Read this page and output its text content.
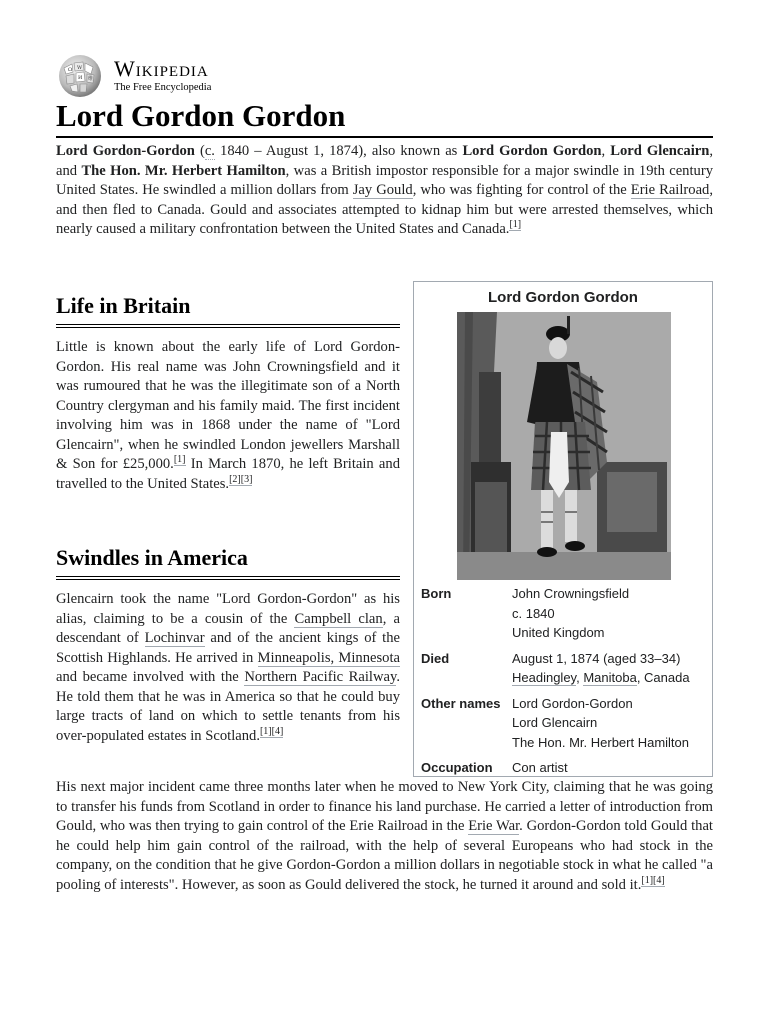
Ω W
И 维 Wikipedia
The Free Encyclopedia
Lord Gordon Gordon

Lord Gordon-Gordon (c. 1840 – August 1, 1874), also known as Lord Gordon Gordon, Lord Glencairn, and The Hon. Mr. Herbert Hamilton, was a British impostor responsible for a major swindle in 19th century United States. He swindled a million dollars from Jay Gould, who was fighting for control of the Erie Railroad, and then fled to Canada. Gould and associates attempted to kidnap him but were arrested themselves, which nearly caused a military confrontation between the United States and Canada.[1]

Life in Britain

Little is known about the early life of Lord Gordon-Gordon. His real name was John Crowningsfield and it was rumoured that he was the illegitimate son of a North Country clergyman and his family maid. The first incident involving him was in 1868 under the name of "Lord Glencairn", when he swindled London jewellers Marshall & Son for £25,000.[1] In March 1870, he left Britain and travelled to the United States.[2][3]

Swindles in America

Glencairn took the name "Lord Gordon-Gordon" as his alias, claiming to be a cousin of the Campbell clan, a descendant of Lochinvar and of the ancient kings of the Scottish Highlands. He arrived in Minneapolis, Minnesota and became involved with the Northern Pacific Railway. He told them that he was in America so that he could buy large tracts of land on which to settle tenants from his over-populated estates in Scotland.[1][4]

His next major incident came three months later when he moved to New York City, claiming that he was going to transfer his funds from Scotland in order to finance his land purchase. He carried a letter of introduction from Gould, who was then trying to gain control of the Erie Railroad in the Erie War. Gordon-Gordon told Gould that he could help him gain control of the railroad, with the help of several Europeans who had stock in the company, on the condition that he give Gordon-Gordon a million dollars in negotiable stock in what he called "a pooling of interests". However, as soon as Gould delivered the stock, he turned it around and sold it.[1][4]

Lord Gordon Gordon
Born	John Crowningsfield
c. 1840
United Kingdom
Died	August 1, 1874 (aged 33–34)
Headingley, Manitoba, Canada
Other names Lord Gordon-Gordon
Lord Glencairn
The Hon. Mr. Herbert Hamilton
Occupation	Con artist
